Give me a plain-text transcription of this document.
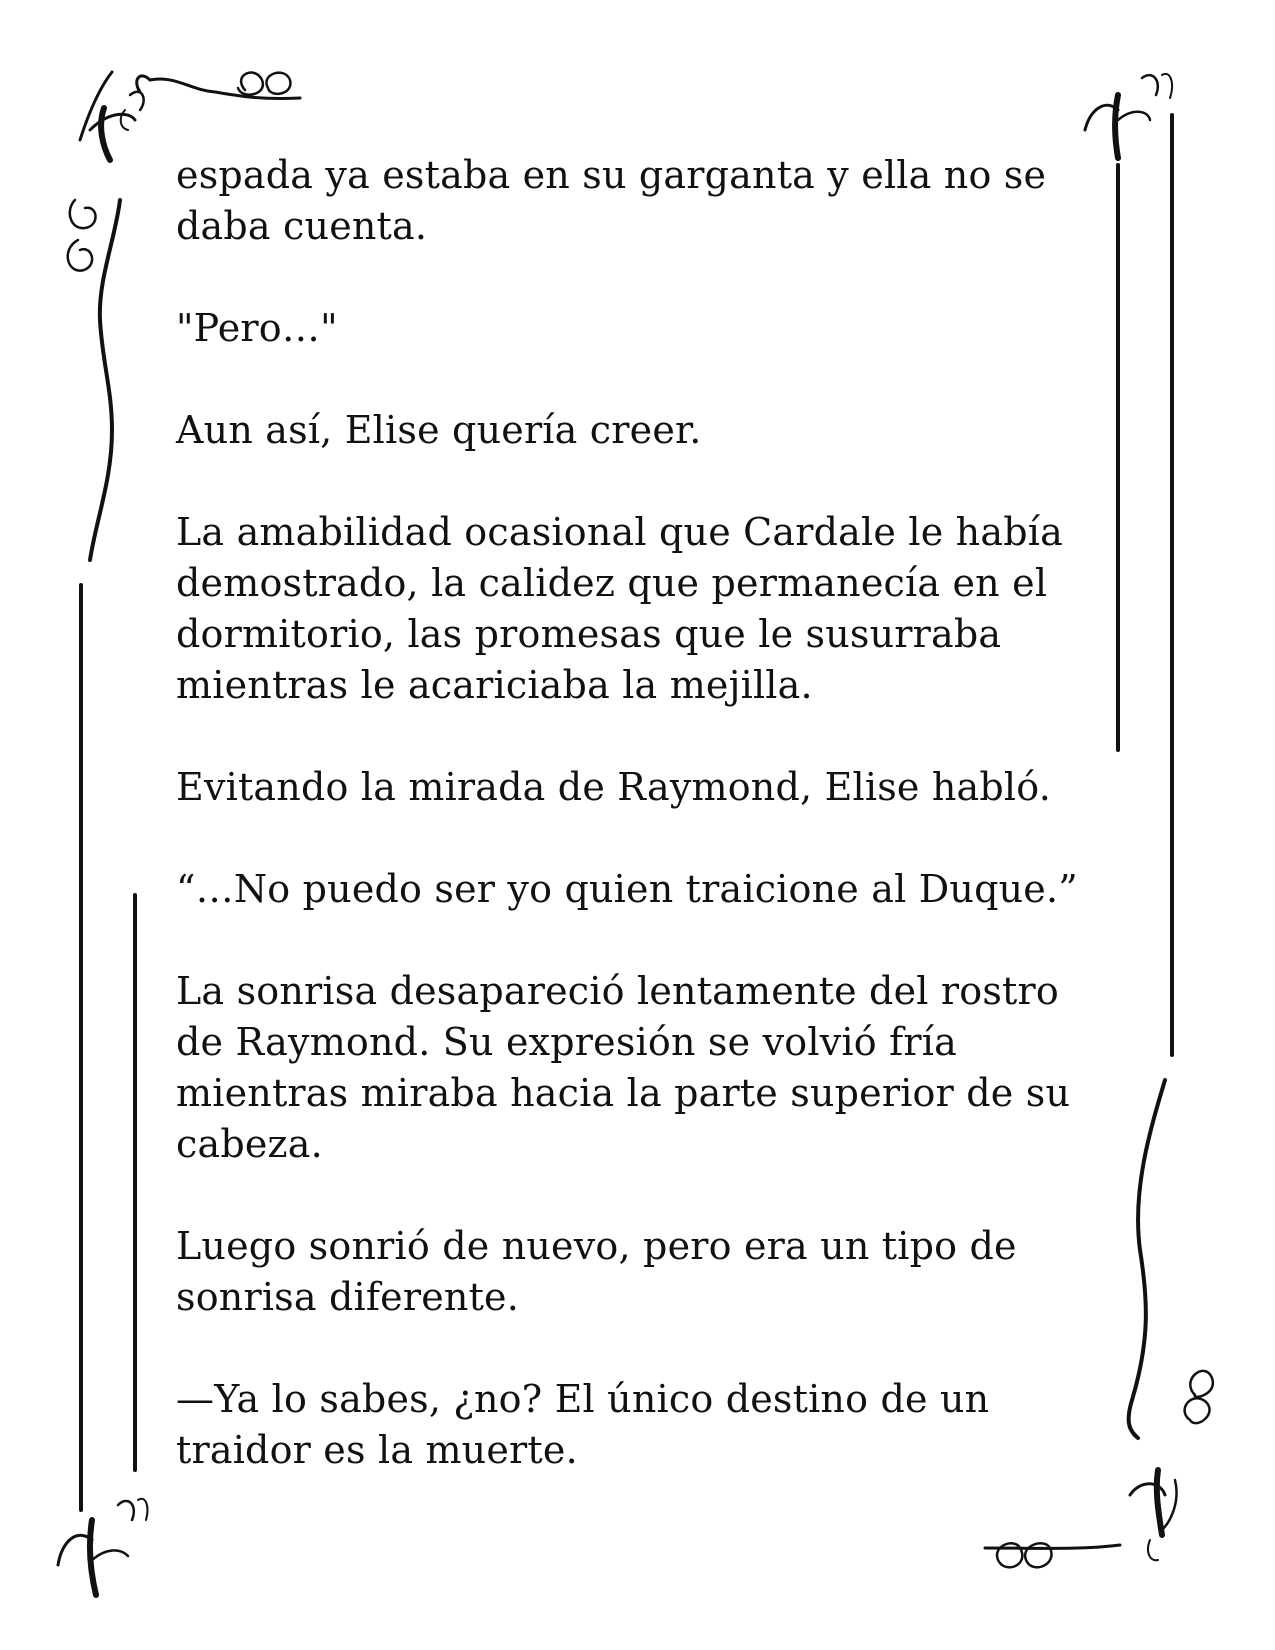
espada ya estaba en su garganta y ella no se
daba cuenta.

"Pero…"

Aun así, Elise quería creer.

La amabilidad ocasional que Cardale le había
demostrado, la calidez que permanecía en el
dormitorio, las promesas que le susurraba
mientras le acariciaba la mejilla.

Evitando la mirada de Raymond, Elise habló.

“…No puedo ser yo quien traicione al Duque.”

La sonrisa desapareció lentamente del rostro
de Raymond. Su expresión se volvió fría
mientras miraba hacia la parte superior de su
cabeza.

Luego sonrió de nuevo, pero era un tipo de
sonrisa diferente.

—Ya lo sabes, ¿no? El único destino de un
traidor es la muerte.
